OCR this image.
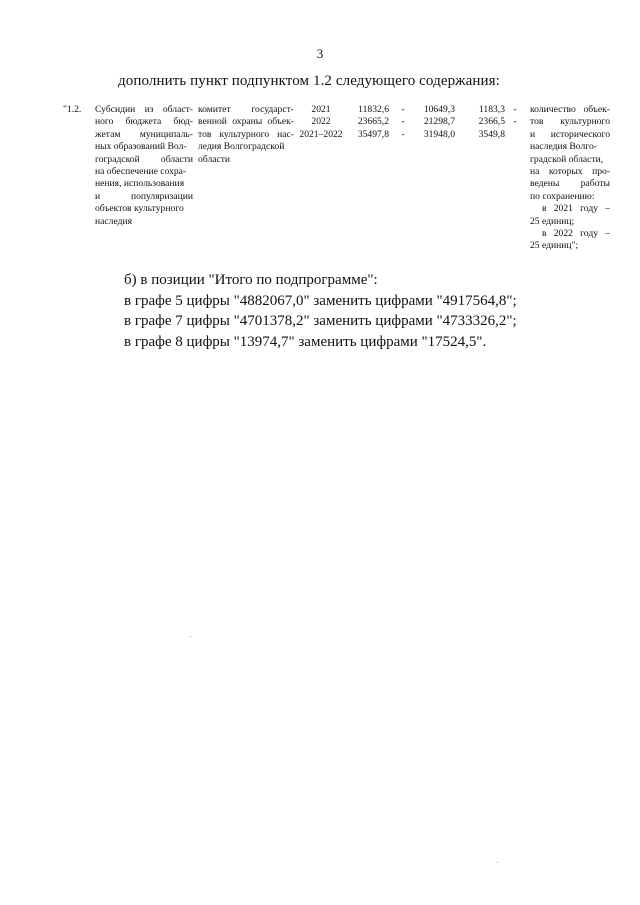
3
дополнить пункт подпунктом 1.2 следующего содержания:
"1.2.	Субсидии из област-
ного бюджета бюд-
жетам муниципаль-
ных образований Вол-
гоградской области
на обеспечение сохра-
нения, использования
и популяризации
объектов культурного
наследия
комитет государст-
венной охраны объек-
тов культурного нас-
ледия Волгоградской
области
2021
2022
2021–2022
11832,6
23665,2
35497,8
-
-
-
10649,3
21298,7
31948,0
1183,3
2366,5
3549,8
-
-
количество объек-
тов культурного
и исторического
наследия Волго-
градской области,
на которых про-
ведены работы
по сохранению:
в 2021 году –
25 единиц;
в 2022 году –
25 единиц";
б) в позиции "Итого по подпрограмме":
в графе 5 цифры "4882067,0" заменить цифрами "4917564,8";
в графе 7 цифры "4701378,2" заменить цифрами "4733326,2";
в графе 8 цифры "13974,7" заменить цифрами "17524,5".
